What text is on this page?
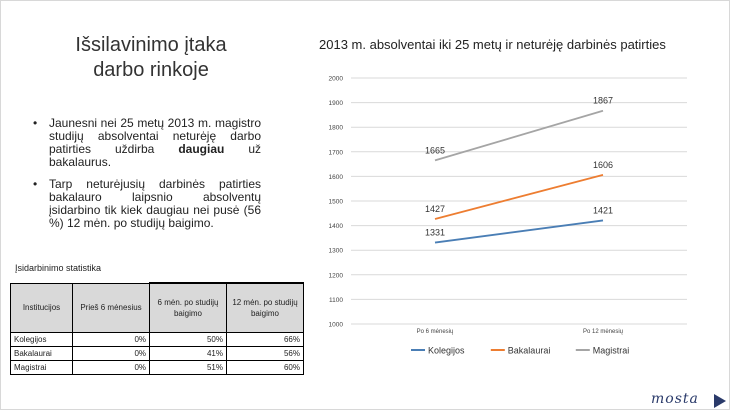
Išsilavinimo įtaka
darbo rinkoje
• Jaunesni nei 25 metų 2013 m. magistro studijų absolventai neturėję darbo patirties uždirba daugiau už bakalaurus.
• Tarp neturėjusių darbinės patirties bakalauro laipsnio absolventų įsidarbino tik kiek daugiau nei pusė (56 %) 12 mėn. po studijų baigimo.
Įsidarbinimo statistika
Institucijos	Prieš 6 mėnesius	6 mėn. po studijų baigimo	12 mėn. po studijų baigimo
Kolegijos	0%	50%	66%
Bakalaurai	0%	41%	56%
Magistrai	0%	51%	60%
2013 m. absolventai iki 25 metų ir neturėję darbinės patirties
1000
1100
1200
1300
1400
1500
1600
1700
1800
1900
2000
Po 6 mėnesių	Po 12 mėnesių
1331
1421
1427
1606
1665
1867
Kolegijos	Bakalaurai	Magistrai
mosta
